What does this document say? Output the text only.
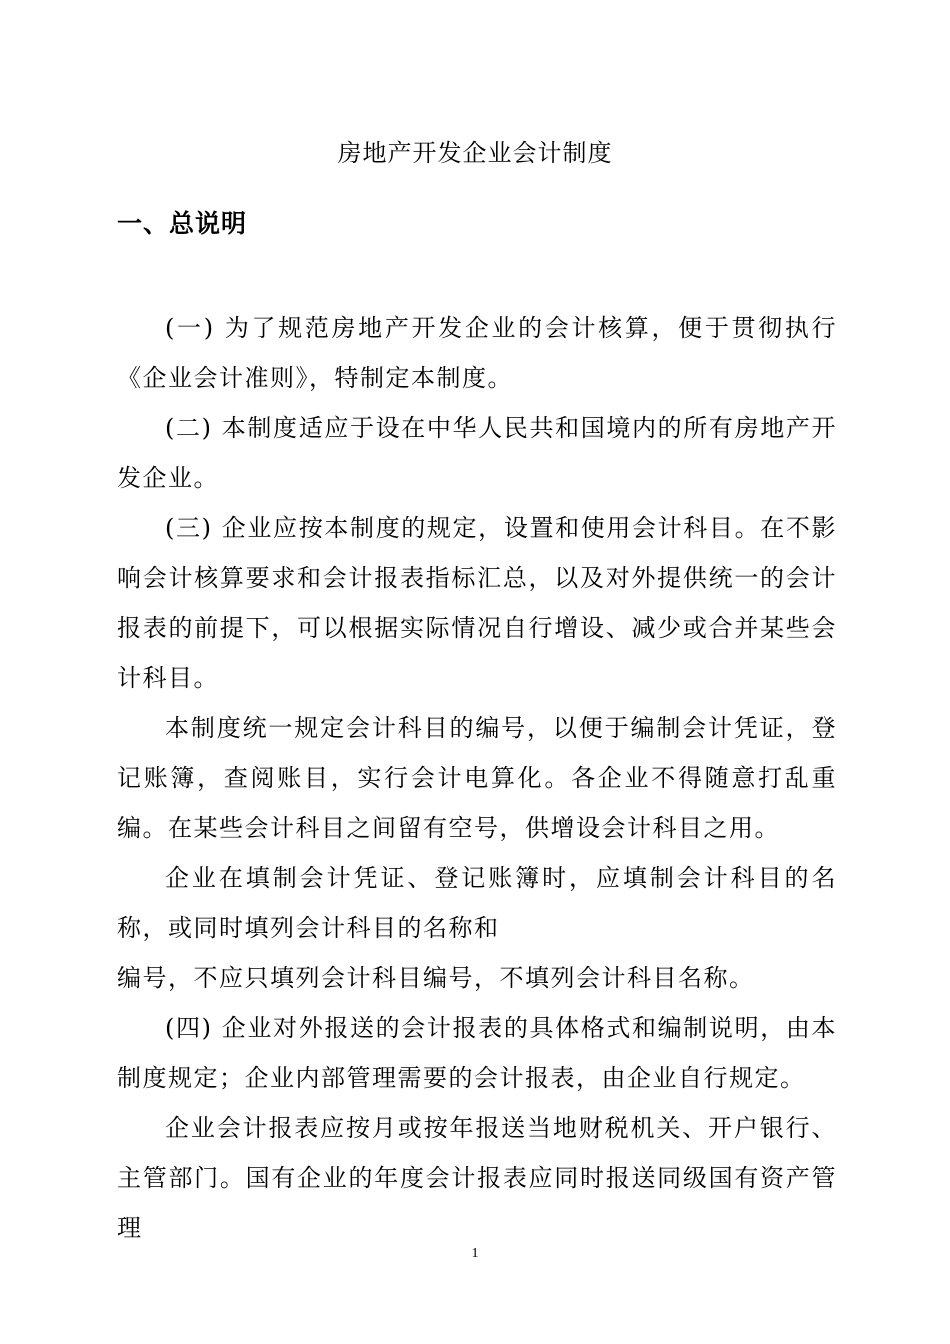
房地产开发企业会计制度
一、总说明

(一) 为了规范房地产开发企业的会计核算，便于贯彻执行《企业会计准则》，特制定本制度。

(二) 本制度适应于设在中华人民共和国境内的所有房地产开发企业。

(三) 企业应按本制度的规定，设置和使用会计科目。在不影响会计核算要求和会计报表指标汇总，以及对外提供统一的会计报表的前提下，可以根据实际情况自行增设、减少或合并某些会计科目。

本制度统一规定会计科目的编号，以便于编制会计凭证，登记账簿，查阅账目，实行会计电算化。各企业不得随意打乱重编。在某些会计科目之间留有空号，供增设会计科目之用。

企业在填制会计凭证、登记账簿时，应填制会计科目的名称，或同时填列会计科目的名称和

编号，不应只填列会计科目编号，不填列会计科目名称。

(四) 企业对外报送的会计报表的具体格式和编制说明，由本制度规定；企业内部管理需要的会计报表，由企业自行规定。

企业会计报表应按月或按年报送当地财税机关、开户银行、主管部门。国有企业的年度会计报表应同时报送同级国有资产管理

1
